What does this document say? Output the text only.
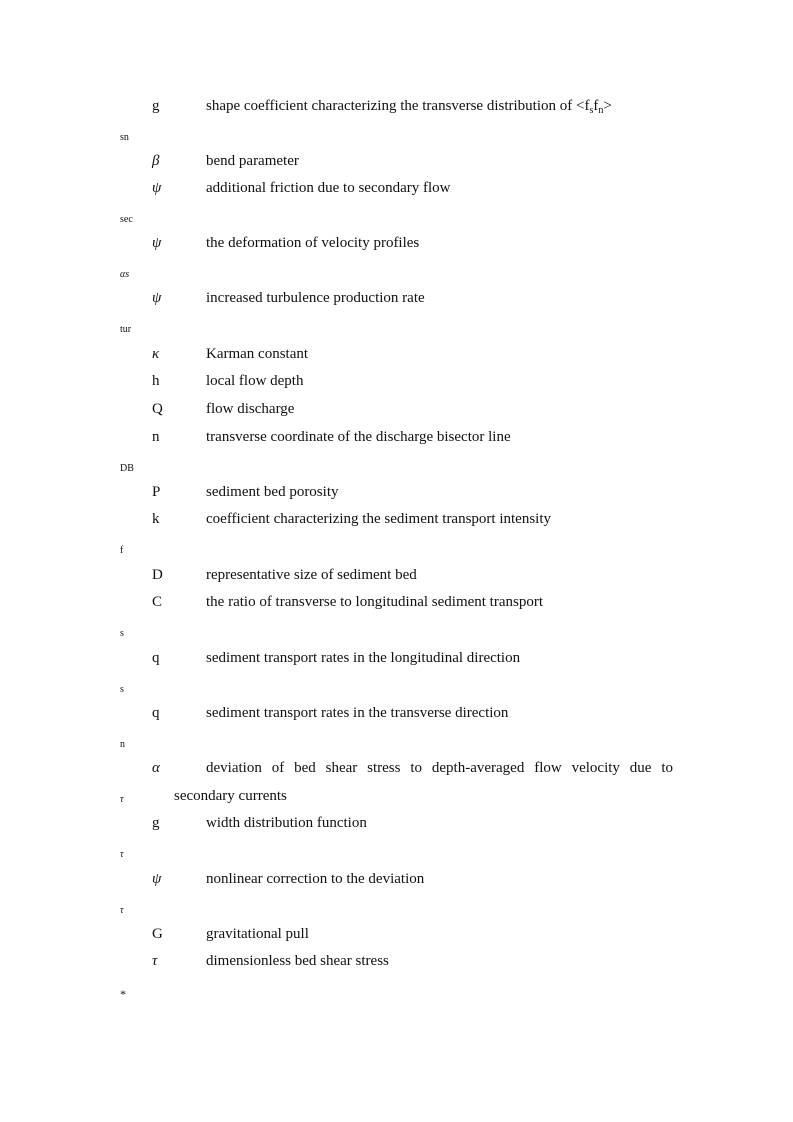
g	shape coefficient characterizing the transverse distribution of $<f_sf_n>$
sn
β	bend parameter
ψ	additional friction due to secondary flow
sec
ψ	the deformation of velocity profiles
αs
ψ	increased turbulence production rate
tur
κ	Karman constant
h	local flow depth
Q	flow discharge
n	transverse coordinate of the discharge bisector line
DB
P	sediment bed porosity
k	coefficient characterizing the sediment transport intensity
f
D	representative size of sediment bed
C	the ratio of transverse to longitudinal sediment transport
s
q	sediment transport rates in the longitudinal direction
s
q	sediment transport rates in the transverse direction
n
α	deviation of bed shear stress to depth-averaged flow velocity due to
secondary currents
τ
g	width distribution function
τ
ψ	nonlinear correction to the deviation
τ
G	gravitational pull
τ	dimensionless bed shear stress
*
